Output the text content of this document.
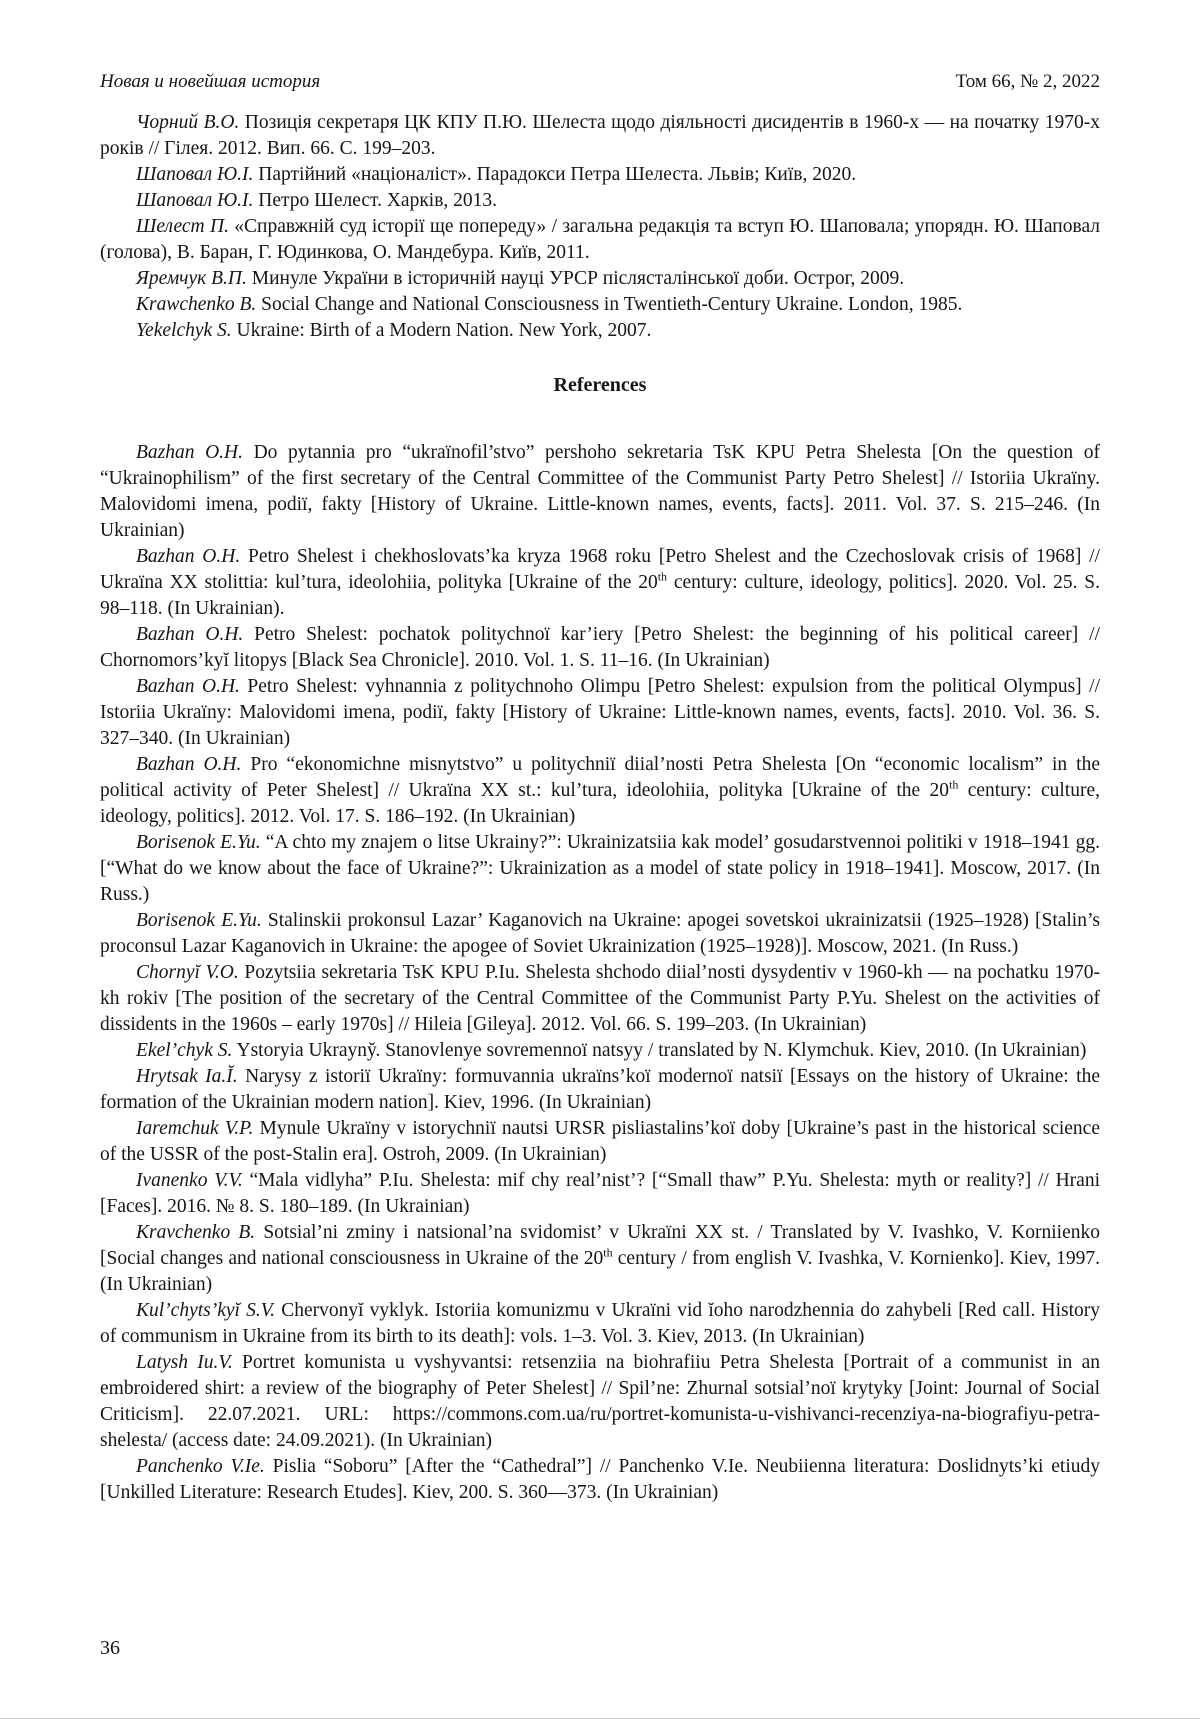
Новая и новейшая история	Том 66, № 2, 2022

Чорний В.О. Позиція секретаря ЦК КПУ П.Ю. Шелеста щодо діяльності дисидентів в 1960-х — на початку 1970-х років // Гілея. 2012. Вип. 66. С. 199–203.

Шаповал Ю.І. Партійний «націоналіст». Парадокси Петра Шелеста. Львів; Київ, 2020.

Шаповал Ю.І. Петро Шелест. Харків, 2013.

Шелест П. «Справжній суд історії ще попереду» / загальна редакція та вступ Ю. Шаповала; упорядн. Ю. Шаповал (голова), В. Баран, Г. Юдинкова, О. Мандебура. Київ, 2011.

Яремчук В.П. Минуле України в історичній науці УРСР післясталінської доби. Острог, 2009.

Krawchenko B. Social Change and National Consciousness in Twentieth-Century Ukraine. London, 1985.

Yekelchyk S. Ukraine: Birth of a Modern Nation. New York, 2007.

References

Bazhan O.H. Do pytannia pro “ukraïnofil’stvo” pershoho sekretaria TsK KPU Petra Shelesta [On the question of “Ukrainophilism” of the first secretary of the Central Committee of the Communist Party Petro Shelest] // Istoriia Ukraïny. Malovidomi imena, podiï, fakty [History of Ukraine. Little-known names, events, facts]. 2011. Vol. 37. S. 215–246. (In Ukrainian)

Bazhan O.H. Petro Shelest i chekhoslovats’ka kryza 1968 roku [Petro Shelest and the Czechoslovak crisis of 1968] // Ukraïna XX stolittia: kul’tura, ideolohiia, polityka [Ukraine of the 20th century: culture, ideology, politics]. 2020. Vol. 25. S. 98–118. (In Ukrainian).

Bazhan O.H. Petro Shelest: pochatok politychnoï kar’iery [Petro Shelest: the beginning of his political career] // Chornomors’kyĭ litopys [Black Sea Chronicle]. 2010. Vol. 1. S. 11–16. (In Ukrainian)

Bazhan O.H. Petro Shelest: vyhnannia z politychnoho Olimpu [Petro Shelest: expulsion from the political Olympus] // Istoriia Ukraïny: Malovidomi imena, podiï, fakty [History of Ukraine: Little-known names, events, facts]. 2010. Vol. 36. S. 327–340. (In Ukrainian)

Bazhan O.H. Pro “ekonomichne misnytstvo” u politychniï diial’nosti Petra Shelesta [On “economic localism” in the political activity of Peter Shelest] // Ukraïna XX st.: kul’tura, ideolohiia, polityka [Ukraine of the 20th century: culture, ideology, politics]. 2012. Vol. 17. S. 186–192. (In Ukrainian)

Borisenok E.Yu. “A chto my znajem o litse Ukrainy?”: Ukrainizatsiia kak model’ gosudarstvennoi politiki v 1918–1941 gg. [“What do we know about the face of Ukraine?”: Ukrainization as a model of state policy in 1918–1941]. Moscow, 2017. (In Russ.)

Borisenok E.Yu. Stalinskii prokonsul Lazar’ Kaganovich na Ukraine: apogei sovetskoi ukrainizatsii (1925–1928) [Stalin’s proconsul Lazar Kaganovich in Ukraine: the apogee of Soviet Ukrainization (1925–1928)]. Moscow, 2021. (In Russ.)

Chornyĭ V.O. Pozytsiia sekretaria TsK KPU P.Iu. Shelesta shchodo diial’nosti dysydentiv v 1960-kh — na pochatku 1970-kh rokiv [The position of the secretary of the Central Committee of the Communist Party P.Yu. Shelest on the activities of dissidents in the 1960s – early 1970s] // Hileia [Gileya]. 2012. Vol. 66. S. 199–203. (In Ukrainian)

Ekel’chyk S. Ystoryia Ukrayny̆. Stanovlenye sovremennoï natsyy / translated by N. Klymchuk. Kiev, 2010. (In Ukrainian)

Hrytsak Ia.Ĭ. Narysy z istoriï Ukraïny: formuvannia ukraïns’koï modernoï natsiï [Essays on the history of Ukraine: the formation of the Ukrainian modern nation]. Kiev, 1996. (In Ukrainian)

Iaremchuk V.P. Mynule Ukraïny v istorychniï nautsi URSR pisliastalins’koï doby [Ukraine’s past in the historical science of the USSR of the post-Stalin era]. Ostroh, 2009. (In Ukrainian)

Ivanenko V.V. “Mala vidlyha” P.Iu. Shelesta: mif chy real’nist’? [“Small thaw” P.Yu. Shelesta: myth or reality?] // Hrani [Faces]. 2016. № 8. S. 180–189. (In Ukrainian)

Kravchenko B. Sotsial’ni zminy i natsional’na svidomist’ v Ukraïni XX st. / Translated by V. Ivashko, V. Korniienko [Social changes and national consciousness in Ukraine of the 20th century / from english V. Ivashka, V. Kornienko]. Kiev, 1997. (In Ukrainian)

Kul’chyts’kyĭ S.V. Chervonyĭ vyklyk. Istoriia komunizmu v Ukraïni vid ĭoho narodzhennia do zahybeli [Red call. History of communism in Ukraine from its birth to its death]: vols. 1–3. Vol. 3. Kiev, 2013. (In Ukrainian)

Latysh Iu.V. Portret komunista u vyshyvantsi: retsenziia na biohrafiiu Petra Shelesta [Portrait of a communist in an embroidered shirt: a review of the biography of Peter Shelest] // Spil’ne: Zhurnal sotsial’noï krytyky [Joint: Journal of Social Criticism]. 22.07.2021. URL: https://commons.com.ua/ru/portret-komunista-u-vishivanci-recenziya-na-biografiyu-petra-shelesta/ (access date: 24.09.2021). (In Ukrainian)

Panchenko V.Ie. Pislia “Soboru” [After the “Cathedral”] // Panchenko V.Ie. Neubiienna literatura: Doslidnyts’ki etiudy [Unkilled Literature: Research Etudes]. Kiev, 200. S. 360—373. (In Ukrainian)

36
